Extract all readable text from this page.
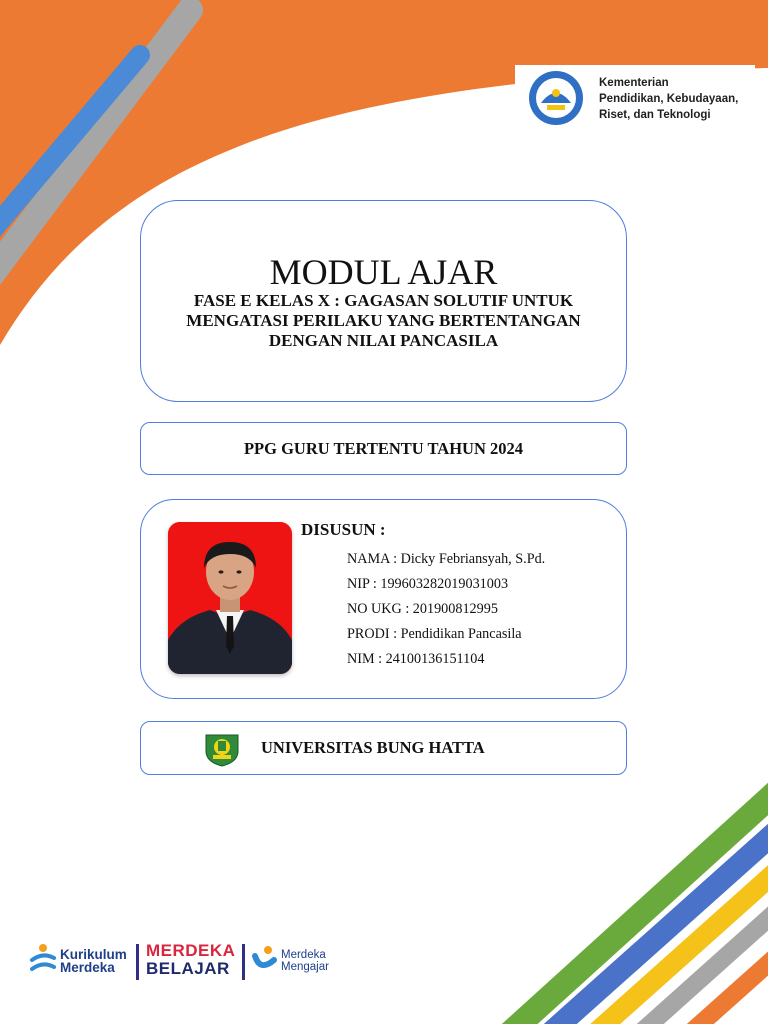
Kementerian
Pendidikan, Kebudayaan,
Riset, dan Teknologi
MODUL AJAR
FASE E KELAS X : GAGASAN SOLUTIF UNTUK
MENGATASI PERILAKU YANG BERTENTANGAN
DENGAN NILAI PANCASILA
PPG GURU TERTENTU TAHUN 2024
DISUSUN :
NAMA : Dicky Febriansyah, S.Pd.
NIP : 199603282019031003
NO UKG : 201900812995
PRODI : Pendidikan Pancasila
NIM : 24100136151104
UNIVERSITAS BUNG HATTA
Kurikulum
Merdeka
MERDEKA
BELAJAR
Merdeka
Mengajar
